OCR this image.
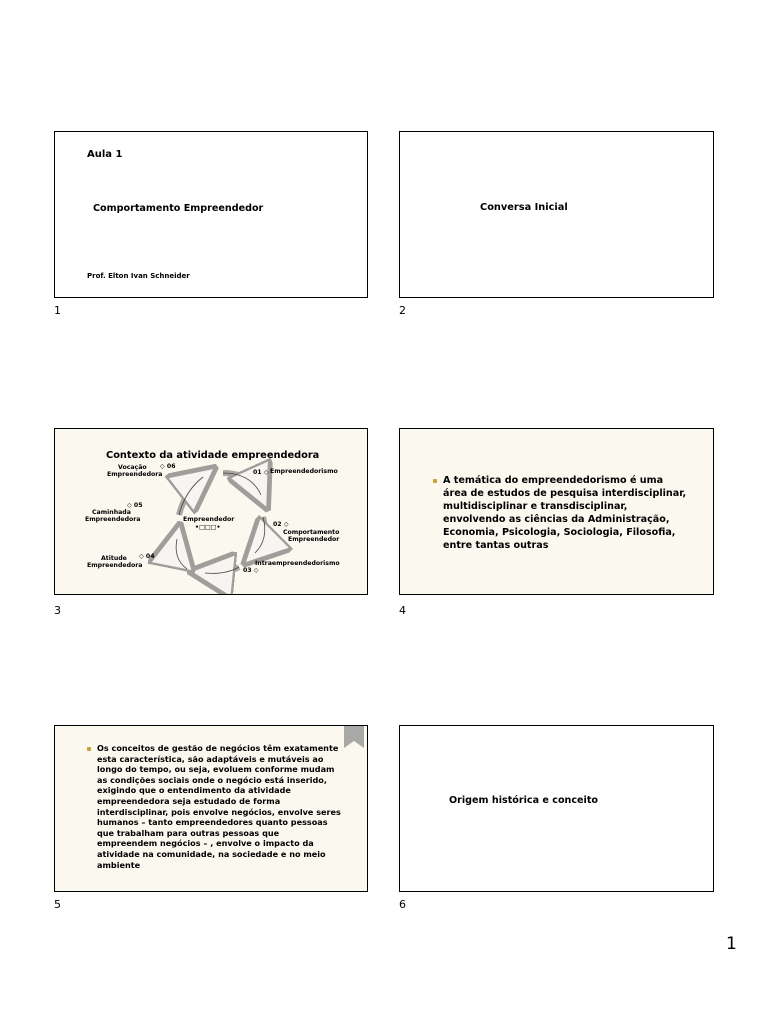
Aula 1
Comportamento Empreendedor
Prof. Elton Ivan Schneider
1
Conversa Inicial
2
Contexto da atividade empreendedora
Empreendedor
•□□□•
01 ◇ Empreendedorismo
02 ◇
Comportamento
Empreendedor
Intraempreendedorismo
03 ◇
◇ 04
Atitude
Empreendedora
◇ 05
Caminhada
Empreendedora
Vocação ◇ 06
Empreendedora
3
A temática do empreendedorismo é uma área de estudos de pesquisa interdisciplinar, multidisciplinar e transdisciplinar, envolvendo as ciências da Administração, Economia, Psicologia, Sociologia, Filosofia, entre tantas outras
4
Os conceitos de gestão de negócios têm exatamente esta característica, são adaptáveis e mutáveis ao longo do tempo, ou seja, evoluem conforme mudam as condições sociais onde o negócio está inserido, exigindo que o entendimento da atividade empreendedora seja estudado de forma interdisciplinar, pois envolve negócios, envolve seres humanos – tanto empreendedores quanto pessoas que trabalham para outras pessoas que empreendem negócios – , envolve o impacto da atividade na comunidade, na sociedade e no meio ambiente
5
Origem histórica e conceito
6
1
